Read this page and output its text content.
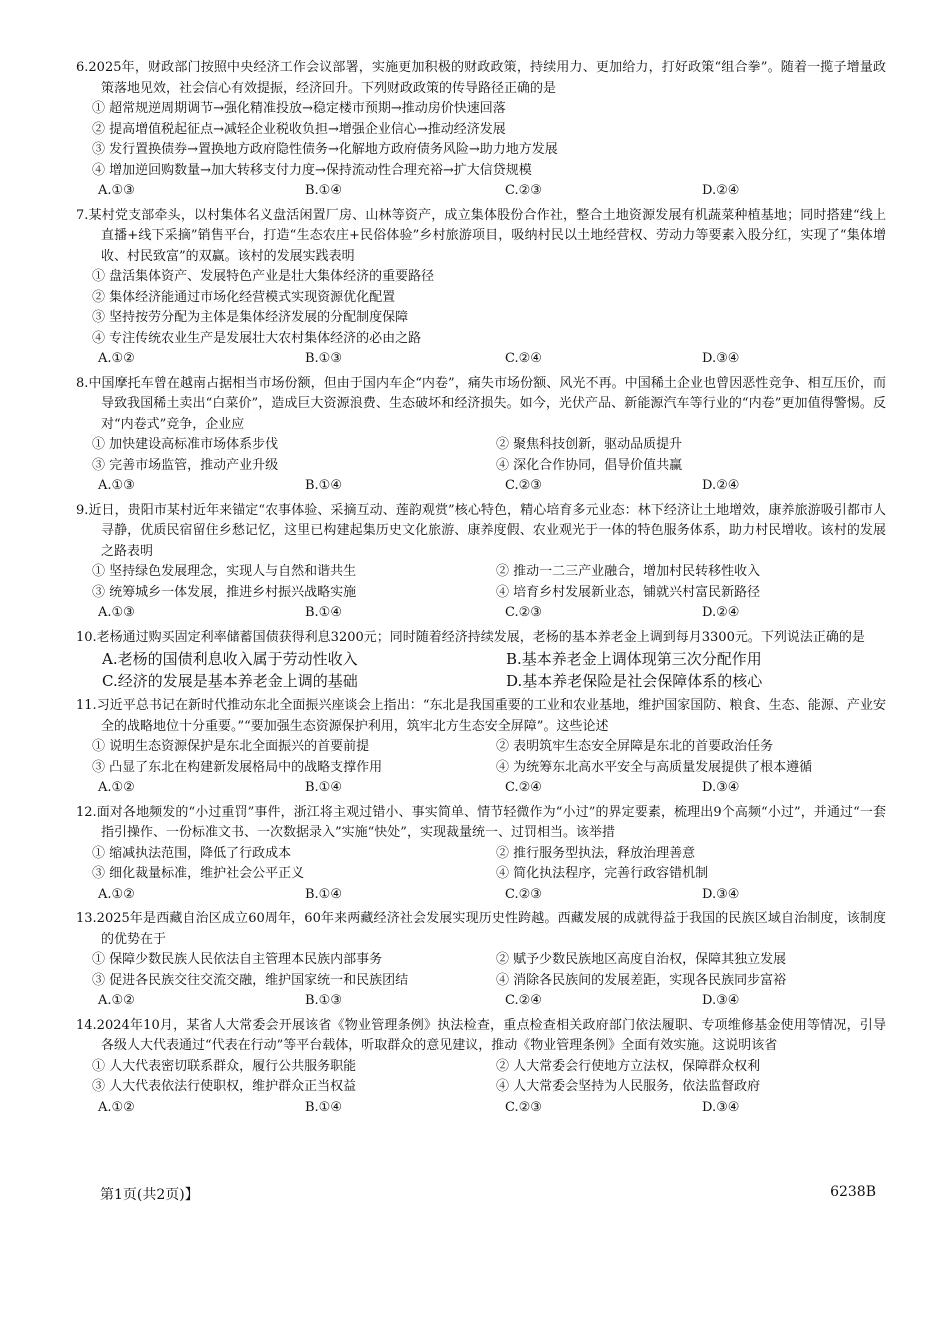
6.2025年，财政部门按照中央经济工作会议部署，实施更加积极的财政政策，持续用力、更加给力，打好政策“组合拳”。随着一揽子增量政策落地见效，社会信心有效提振，经济回升。下列财政政策的传导路径正确的是
① 超常规逆周期调节→强化精准投放→稳定楼市预期→推动房价快速回落
② 提高增值税起征点→减轻企业税收负担→增强企业信心→推动经济发展
③ 发行置换债券→置换地方政府隐性债务→化解地方政府债务风险→助力地方发展
④ 增加逆回购数量→加大转移支付力度→保持流动性合理充裕→扩大信贷规模
A.①③	B.①④	C.②③	D.②④
7.某村党支部牵头，以村集体名义盘活闲置厂房、山林等资产，成立集体股份合作社，整合土地资源发展有机蔬菜种植基地；同时搭建“线上直播+线下采摘”销售平台，打造“生态农庄+民俗体验”乡村旅游项目，吸纳村民以土地经营权、劳动力等要素入股分红，实现了“集体增收、村民致富”的双赢。该村的发展实践表明
① 盘活集体资产、发展特色产业是壮大集体经济的重要路径
② 集体经济能通过市场化经营模式实现资源优化配置
③ 坚持按劳分配为主体是集体经济发展的分配制度保障
④ 专注传统农业生产是发展壮大农村集体经济的必由之路
A.①②	B.①③	C.②④	D.③④
8.中国摩托车曾在越南占据相当市场份额，但由于国内车企“内卷”，痛失市场份额、风光不再。中国稀土企业也曾因恶性竞争、相互压价，而导致我国稀土卖出“白菜价”，造成巨大资源浪费、生态破坏和经济损失。如今，光伏产品、新能源汽车等行业的“内卷”更加值得警惕。反对“内卷式”竞争，企业应
① 加快建设高标准市场体系步伐	② 聚焦科技创新，驱动品质提升
③ 完善市场监管，推动产业升级	④ 深化合作协同，倡导价值共赢
A.①③	B.①④	C.②③	D.②④
9.近日，贵阳市某村近年来锚定“农事体验、采摘互动、莲韵观赏”核心特色，精心培育多元业态：林下经济让土地增效，康养旅游吸引都市人寻静，优质民宿留住乡愁记忆，这里已构建起集历史文化旅游、康养度假、农业观光于一体的特色服务体系，助力村民增收。该村的发展之路表明
① 坚持绿色发展理念，实现人与自然和谐共生	② 推动一二三产业融合，增加村民转移性收入
③ 统筹城乡一体发展，推进乡村振兴战略实施	④ 培育乡村发展新业态，铺就兴村富民新路径
A.①③	B.①④	C.②③	D.②④
10.老杨通过购买固定利率储蓄国债获得利息3200元；同时随着经济持续发展，老杨的基本养老金上调到每月3300元。下列说法正确的是
A.老杨的国债利息收入属于劳动性收入	B.基本养老金上调体现第三次分配作用
C.经济的发展是基本养老金上调的基础	D.基本养老保险是社会保障体系的核心
11.习近平总书记在新时代推动东北全面振兴座谈会上指出：“东北是我国重要的工业和农业基地，维护国家国防、粮食、生态、能源、产业安全的战略地位十分重要。”“要加强生态资源保护利用，筑牢北方生态安全屏障”。这些论述
① 说明生态资源保护是东北全面振兴的首要前提	② 表明筑牢生态安全屏障是东北的首要政治任务
③ 凸显了东北在构建新发展格局中的战略支撑作用	④ 为统筹东北高水平安全与高质量发展提供了根本遵循
A.①②	B.①④	C.②④	D.③④
12.面对各地频发的“小过重罚”事件，浙江将主观过错小、事实简单、情节轻微作为“小过”的界定要素，梳理出9个高频“小过”，并通过“一套指引操作、一份标准文书、一次数据录入”实施“快处”，实现裁量统一、过罚相当。该举措
① 缩减执法范围，降低了行政成本	② 推行服务型执法，释放治理善意
③ 细化裁量标准，维护社会公平正义	④ 简化执法程序，完善行政容错机制
A.①②	B.①④	C.②③	D.③④
13.2025年是西藏自治区成立60周年，60年来两藏经济社会发展实现历史性跨越。西藏发展的成就得益于我国的民族区域自治制度，该制度的优势在于
① 保障少数民族人民依法自主管理本民族内部事务	② 赋予少数民族地区高度自治权，保障其独立发展
③ 促进各民族交往交流交融，维护国家统一和民族团结	④ 消除各民族间的发展差距，实现各民族同步富裕
A.①②	B.①③	C.②④	D.③④
14.2024年10月，某省人大常委会开展该省《物业管理条例》执法检查，重点检查相关政府部门依法履职、专项维修基金使用等情况，引导各级人大代表通过“代表在行动”等平台载体，听取群众的意见建议，推动《物业管理条例》全面有效实施。这说明该省
① 人大代表密切联系群众，履行公共服务职能	② 人大常委会行使地方立法权，保障群众权利
③ 人大代表依法行使职权，维护群众正当权益	④ 人大常委会坚持为人民服务，依法监督政府
A.①②	B.①④	C.②③	D.③④
第1页(共2页)】	6238B
